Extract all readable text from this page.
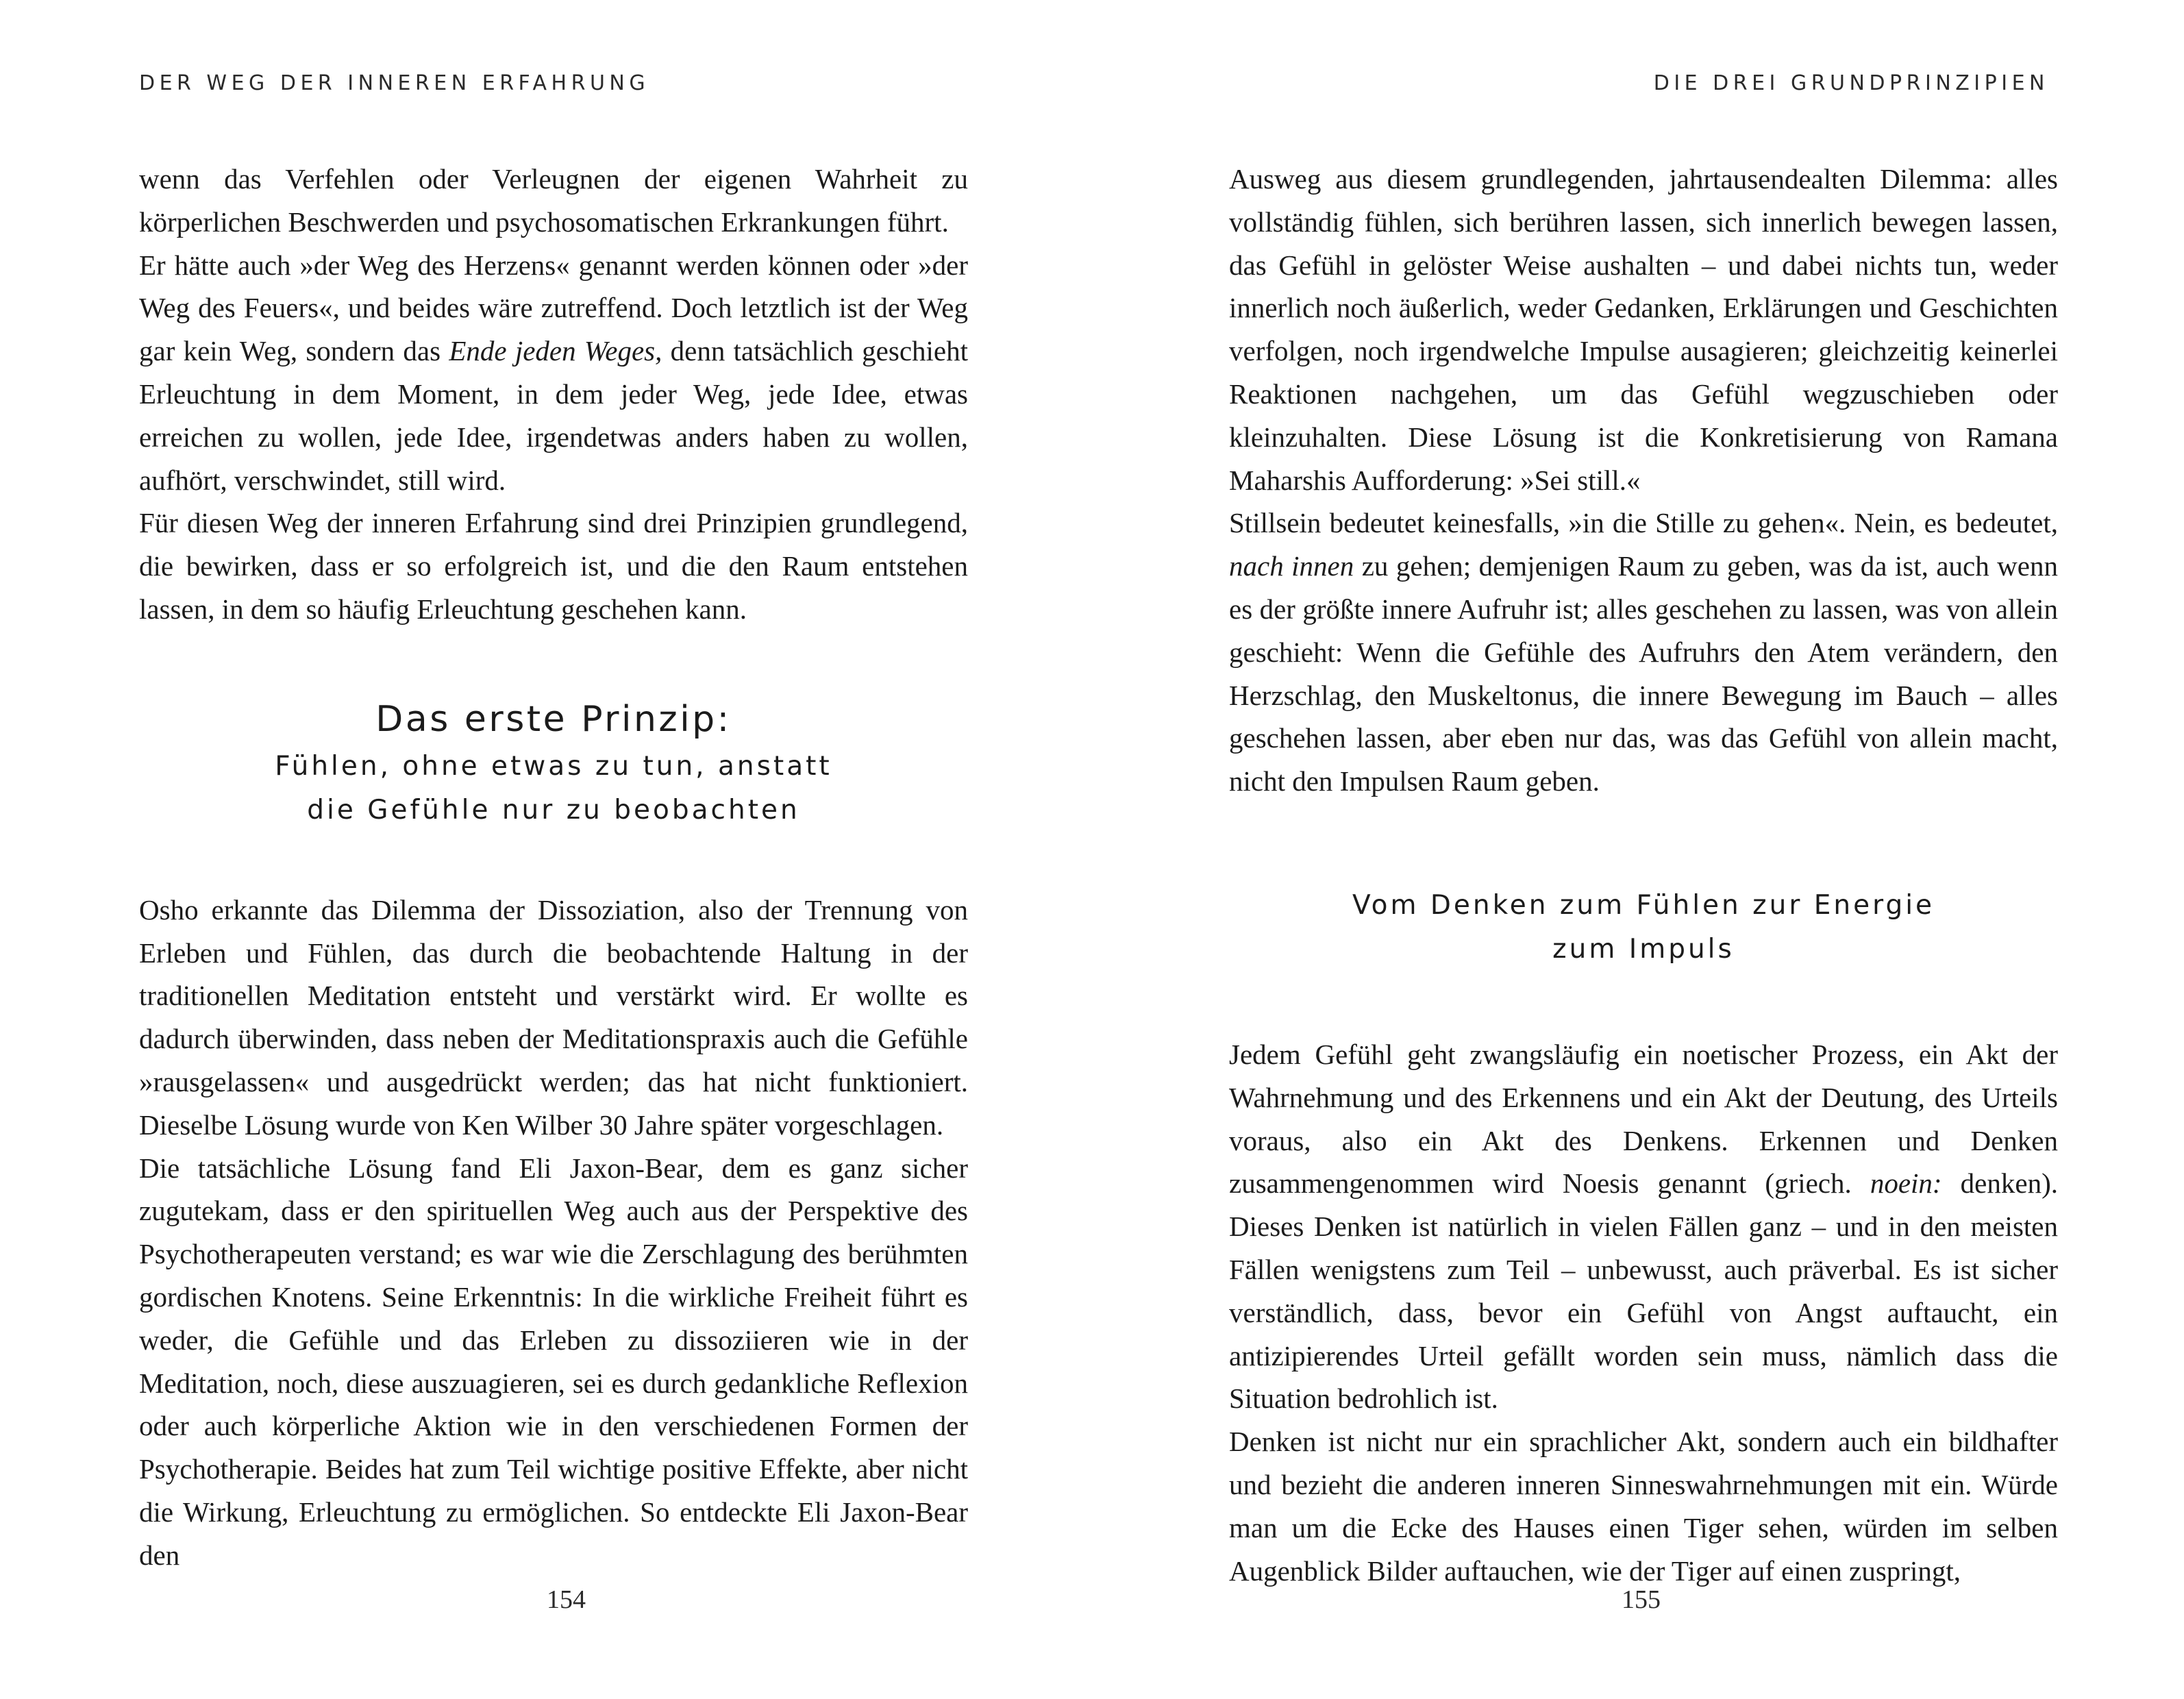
DER WEG DER INNEREN ERFAHRUNG

wenn das Verfehlen oder Verleugnen der eigenen Wahrheit zu körperlichen Beschwerden und psychosomatischen Erkrankungen führt.

Er hätte auch »der Weg des Herzens« genannt werden können oder »der Weg des Feuers«, und beides wäre zutreffend. Doch letztlich ist der Weg gar kein Weg, sondern das Ende jeden Weges, denn tatsächlich geschieht Erleuchtung in dem Moment, in dem jeder Weg, jede Idee, etwas erreichen zu wollen, jede Idee, irgendetwas anders haben zu wollen, aufhört, verschwindet, still wird.

Für diesen Weg der inneren Erfahrung sind drei Prinzipien grundlegend, die bewirken, dass er so erfolgreich ist, und die den Raum entstehen lassen, in dem so häufig Erleuchtung geschehen kann.

Das erste Prinzip:

Fühlen, ohne etwas zu tun, anstatt

die Gefühle nur zu beobachten

Osho erkannte das Dilemma der Dissoziation, also der Trennung von Erleben und Fühlen, das durch die beobachtende Haltung in der traditionellen Meditation entsteht und verstärkt wird. Er wollte es dadurch überwinden, dass neben der Meditationspraxis auch die Gefühle »rausgelassen« und ausgedrückt werden; das hat nicht funktioniert. Dieselbe Lösung wurde von Ken Wilber 30 Jahre später vorgeschlagen.

Die tatsächliche Lösung fand Eli Jaxon-Bear, dem es ganz sicher zugutekam, dass er den spirituellen Weg auch aus der Perspektive des Psychotherapeuten verstand; es war wie die Zerschlagung des berühmten gordischen Knotens. Seine Erkenntnis: In die wirkliche Freiheit führt es weder, die Gefühle und das Erleben zu dissoziieren wie in der Meditation, noch, diese auszuagieren, sei es durch gedankliche Reflexion oder auch körperliche Aktion wie in den verschiedenen Formen der Psychotherapie. Beides hat zum Teil wichtige positive Effekte, aber nicht die Wirkung, Erleuchtung zu ermöglichen. So entdeckte Eli Jaxon-Bear den

154
DIE DREI GRUNDPRINZIPIEN

Ausweg aus diesem grundlegenden, jahrtausendealten Dilemma: alles vollständig fühlen, sich berühren lassen, sich innerlich bewegen lassen, das Gefühl in gelöster Weise aushalten – und dabei nichts tun, weder innerlich noch äußerlich, weder Gedanken, Erklärungen und Geschichten verfolgen, noch irgendwelche Impulse ausagieren; gleichzeitig keinerlei Reaktionen nachgehen, um das Gefühl wegzuschieben oder kleinzuhalten. Diese Lösung ist die Konkretisierung von Ramana Maharshis Aufforderung: »Sei still.«

Stillsein bedeutet keinesfalls, »in die Stille zu gehen«. Nein, es bedeutet, nach innen zu gehen; demjenigen Raum zu geben, was da ist, auch wenn es der größte innere Aufruhr ist; alles geschehen zu lassen, was von allein geschieht: Wenn die Gefühle des Aufruhrs den Atem verändern, den Herzschlag, den Muskeltonus, die innere Bewegung im Bauch – alles geschehen lassen, aber eben nur das, was das Gefühl von allein macht, nicht den Impulsen Raum geben.

Vom Denken zum Fühlen zur Energie

zum Impuls

Jedem Gefühl geht zwangsläufig ein noetischer Prozess, ein Akt der Wahrnehmung und des Erkennens und ein Akt der Deutung, des Urteils voraus, also ein Akt des Denkens. Erkennen und Denken zusammengenommen wird Noesis genannt (griech. noein: denken). Dieses Denken ist natürlich in vielen Fällen ganz – und in den meisten Fällen wenigstens zum Teil – unbewusst, auch präverbal. Es ist sicher verständlich, dass, bevor ein Gefühl von Angst auftaucht, ein antizipierendes Urteil gefällt worden sein muss, nämlich dass die Situation bedrohlich ist.

Denken ist nicht nur ein sprachlicher Akt, sondern auch ein bildhafter und bezieht die anderen inneren Sinneswahrnehmungen mit ein. Würde man um die Ecke des Hauses einen Tiger sehen, würden im selben Augenblick Bilder auftauchen, wie der Tiger auf einen zuspringt,

155
